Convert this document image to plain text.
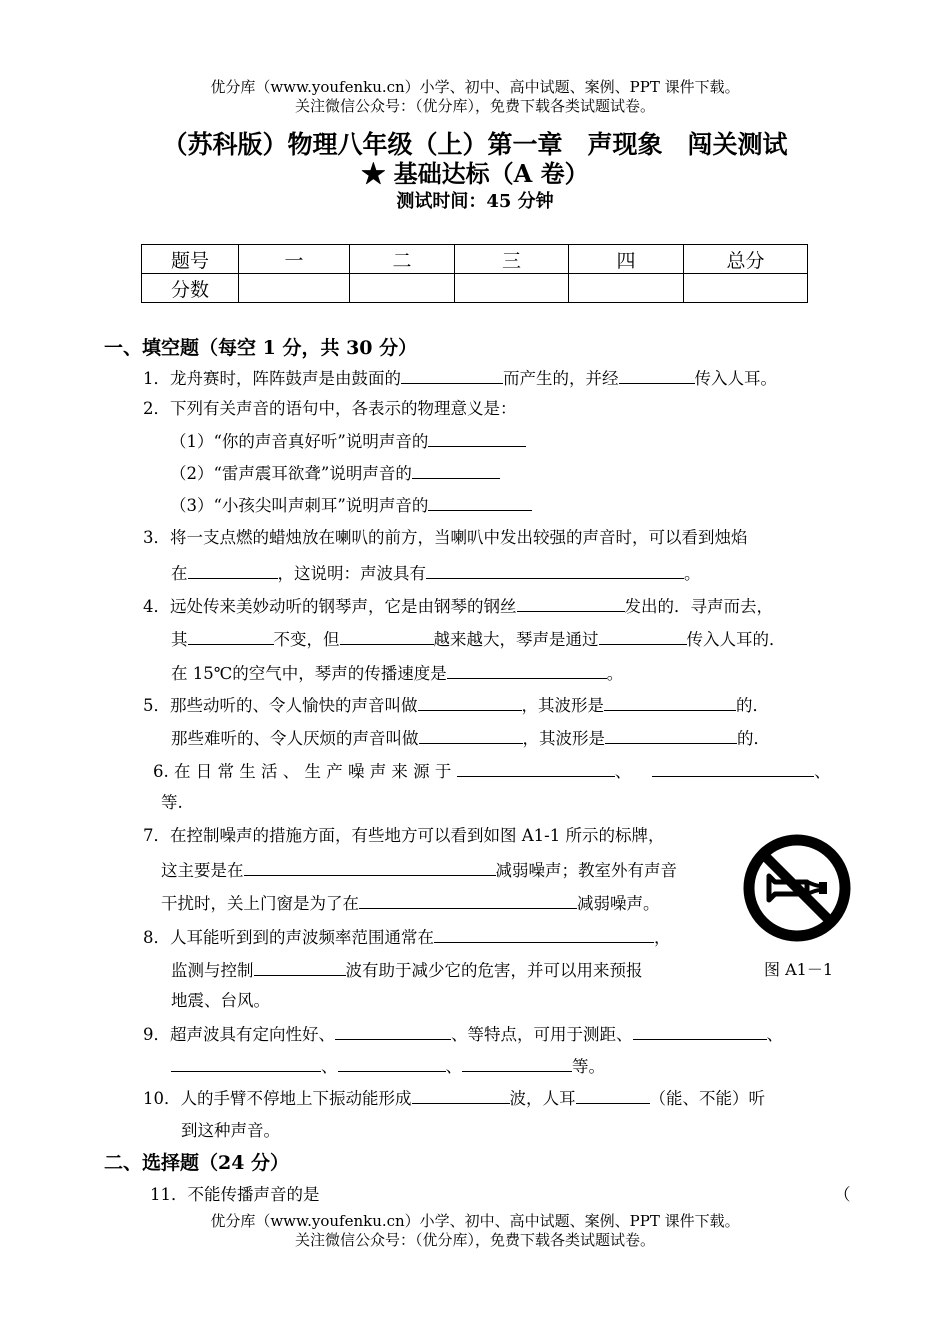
优分库（www.youfenku.cn）小学、初中、高中试题、案例、PPT 课件下载。
关注微信公众号：（优分库），免费下载各类试题试卷。
（苏科版）物理八年级（上）第一章　声现象　闯关测试
★ 基础达标（A 卷）
测试时间：45 分钟
题号	一	二	三	四	总分
分数					
一、填空题（每空 1 分，共 30 分）
1．龙舟赛时，阵阵鼓声是由鼓面的	而产生的，并经	传入人耳。
2．下列有关声音的语句中，各表示的物理意义是：
（1）“你的声音真好听”说明声音的
（2）“雷声震耳欲聋”说明声音的
（3）“小孩尖叫声刺耳”说明声音的
3．将一支点燃的蜡烛放在喇叭的前方，当喇叭中发出较强的声音时，可以看到烛焰
在	，这说明：声波具有	。
4．远处传来美妙动听的钢琴声，它是由钢琴的钢丝	发出的．寻声而去，
其	不变，但	越来越大，琴声是通过	传入人耳的．
在 15℃的空气中，琴声的传播速度是	。
5．那些动听的、令人愉快的声音叫做	，其波形是	的．
那些难听的、令人厌烦的声音叫做	，其波形是	的．
6. 在 日 常 生 活 、 生 产 噪 声 来 源 于	、	、
等.
7．在控制噪声的措施方面，有些地方可以看到如图 A1-1 所示的标牌，
这主要是在	减弱噪声；教室外有声音
干扰时，关上门窗是为了在	减弱噪声。
图 A1－1
8．人耳能听到到的声波频率范围通常在	，
监测与控制	波有助于减少它的危害，并可以用来预报
地震、台风。
9．超声波具有定向性好、	、等特点，可用于测距、	、
、	、	等。
10．人的手臂不停地上下振动能形成	波，人耳	（能、不能）听
到这种声音。
二、选择题（24 分）
11．不能传播声音的是	（
优分库（www.youfenku.cn）小学、初中、高中试题、案例、PPT 课件下载。
关注微信公众号：（优分库），免费下载各类试题试卷。
